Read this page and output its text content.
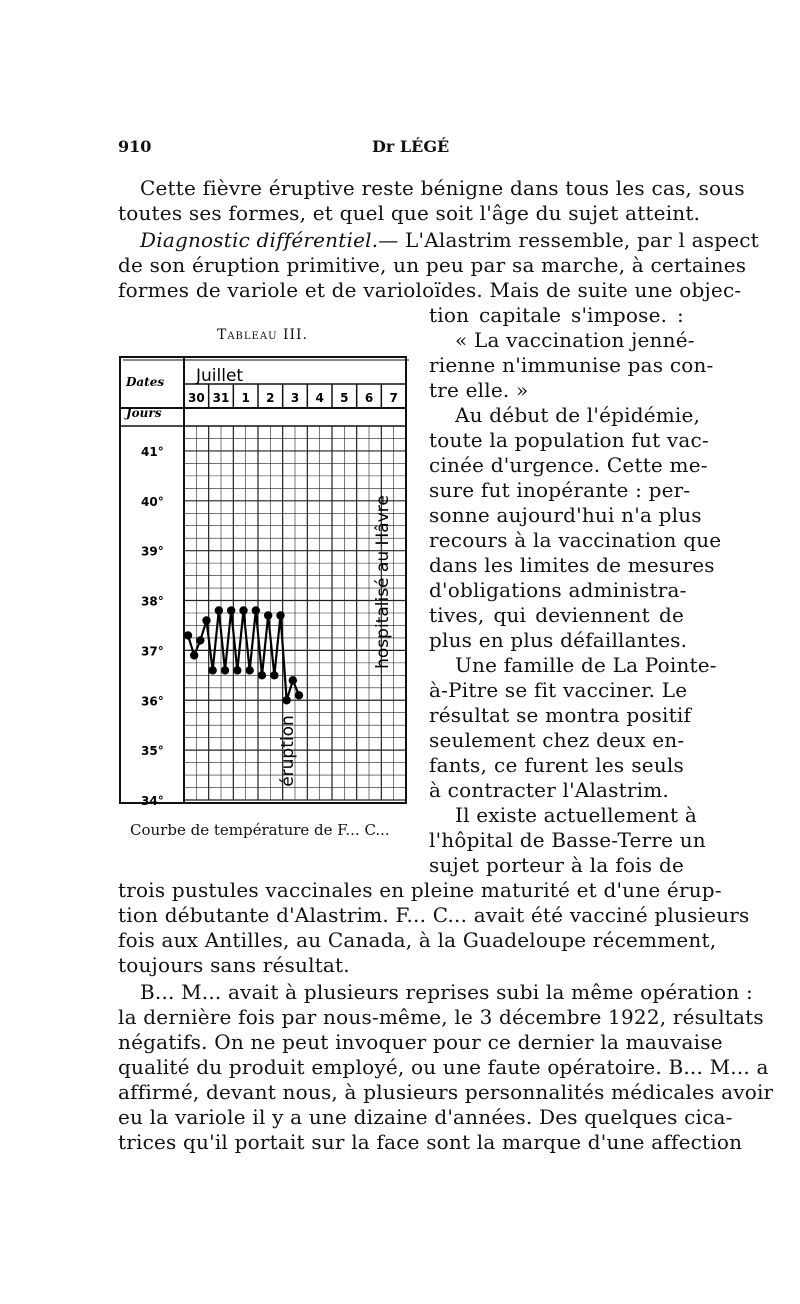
910	Dr LÉGÉ
Cette fièvre éruptive reste bénigne dans tous les cas, sous
toutes ses formes, et quel que soit l'âge du sujet atteint.
Diagnostic différentiel.— L'Alastrim ressemble, par l aspect
de son éruption primitive, un peu par sa marche, à certaines
formes de variole et de varioloïdes. Mais de suite une objec-
tion capitale s'impose. :
« La vaccination jenné-
rienne n'immunise pas con-
tre elle. »
Au début de l'épidémie,
toute la population fut vac-
cinée d'urgence. Cette me-
sure fut inopérante : per-
sonne aujourd'hui n'a plus
recours à la vaccination que
dans les limites de mesures
d'obligations administra-
tives, qui deviennent de
plus en plus défaillantes.
Une famille de La Pointe-
à-Pitre se fit vacciner. Le
résultat se montra positif
seulement chez deux en-
fants, ce furent les seuls
à contracter l'Alastrim.
Il existe actuellement à
l'hôpital de Basse-Terre un
sujet porteur à la fois de
trois pustules vaccinales en pleine maturité et d'une érup-
tion débutante d'Alastrim. F... C... avait été vacciné plusieurs
fois aux Antilles, au Canada, à la Guadeloupe récemment,
toujours sans résultat.
B... M... avait à plusieurs reprises subi la même opération :
la dernière fois par nous-même, le 3 décembre 1922, résultats
négatifs. On ne peut invoquer pour ce dernier la mauvaise
qualité du produit employé, ou une faute opératoire. B... M... a
affirmé, devant nous, à plusieurs personnalités médicales avoir
eu la variole il y a une dizaine d'années. Des quelques cica-
trices qu'il portait sur la face sont la marque d'une affection
Tableau III.
Dates
Jours
Juillet
30 31 1 2 3 4 5 6 7
41°
40°
39°
38°
37°
36°
35°
34°
hospitalisé au Hâvre
éruption
Courbe de température de F... C...
